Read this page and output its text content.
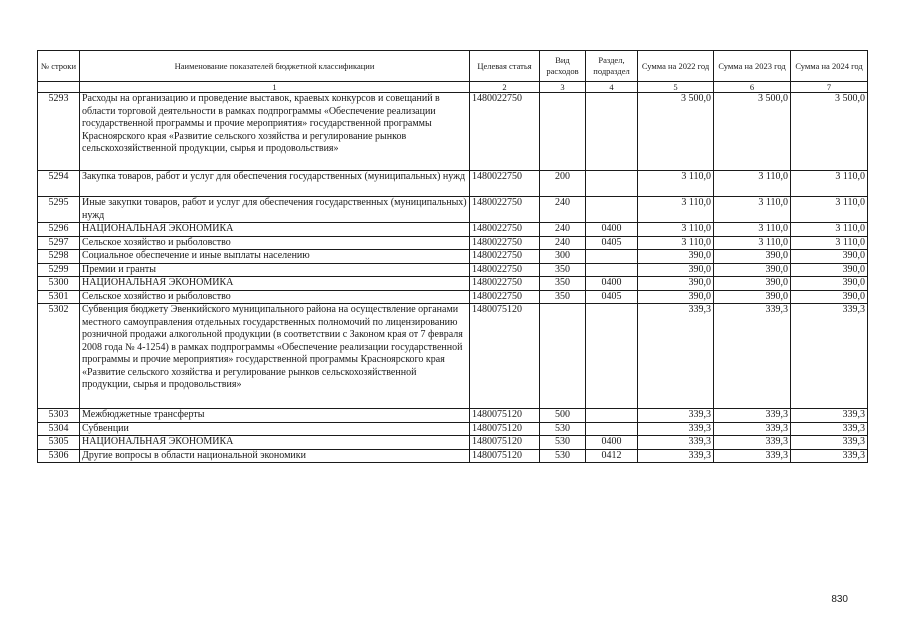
№ строки	Наименование показателей бюджетной классификации	Целевая статья	Вид расходов	Раздел, подраздел	Сумма на 2022 год	Сумма на 2023 год	Сумма на 2024 год
	1	2	3	4	5	6	7
5293	Расходы на организацию и проведение выставок, краевых конкурсов и совещаний в области торговой деятельности в рамках подпрограммы «Обеспечение реализации государственной программы и прочие мероприятия» государственной программы Красноярского края «Развитие сельского хозяйства и регулирование рынков сельскохозяйственной продукции, сырья и продовольствия»	1480022750			3 500,0	3 500,0	3 500,0
5294	Закупка товаров, работ и услуг для обеспечения государственных (муниципальных) нужд	1480022750	200		3 110,0	3 110,0	3 110,0
5295	Иные закупки товаров, работ и услуг для обеспечения государственных (муниципальных) нужд	1480022750	240		3 110,0	3 110,0	3 110,0
5296	НАЦИОНАЛЬНАЯ ЭКОНОМИКА	1480022750	240	0400	3 110,0	3 110,0	3 110,0
5297	Сельское хозяйство и рыболовство	1480022750	240	0405	3 110,0	3 110,0	3 110,0
5298	Социальное обеспечение и иные выплаты населению	1480022750	300		390,0	390,0	390,0
5299	Премии и гранты	1480022750	350		390,0	390,0	390,0
5300	НАЦИОНАЛЬНАЯ ЭКОНОМИКА	1480022750	350	0400	390,0	390,0	390,0
5301	Сельское хозяйство и рыболовство	1480022750	350	0405	390,0	390,0	390,0
5302	Субвенция бюджету Эвенкийского муниципального района на осуществление органами местного самоуправления отдельных государственных полномочий по лицензированию розничной продажи алкогольной продукции (в соответствии с Законом края от 7 февраля 2008 года № 4-1254) в рамках подпрограммы «Обеспечение реализации государственной программы и прочие мероприятия» государственной программы Красноярского края «Развитие сельского хозяйства и регулирование рынков сельскохозяйственной продукции, сырья и продовольствия»	1480075120			339,3	339,3	339,3
5303	Межбюджетные трансферты	1480075120	500		339,3	339,3	339,3
5304	Субвенции	1480075120	530		339,3	339,3	339,3
5305	НАЦИОНАЛЬНАЯ ЭКОНОМИКА	1480075120	530	0400	339,3	339,3	339,3
5306	Другие вопросы в области национальной экономики	1480075120	530	0412	339,3	339,3	339,3
830
